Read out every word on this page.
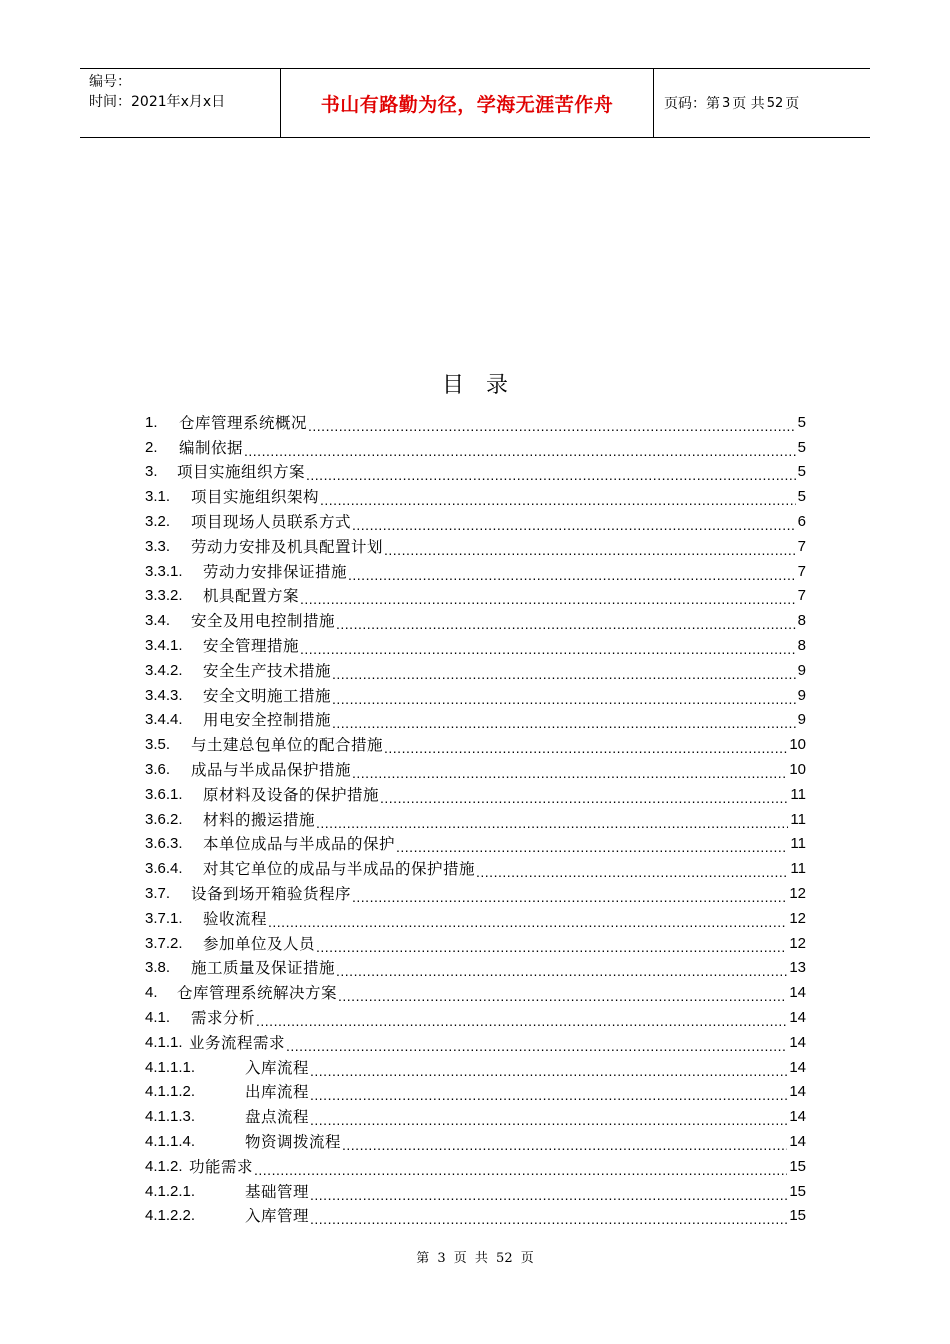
编号：
时间：2021年x月x日	书山有路勤为径，学海无涯苦作舟	页码：第 3 页 共 52 页
目录
1.	仓库管理系统概况 .....	5
2.	编制依据 .....	5
3.	项目实施组织方案 .....	5
3.1.	项目实施组织架构 .....	5
3.2.	项目现场人员联系方式 .....	6
3.3.	劳动力安排及机具配置计划 .....	7
3.3.1.	劳动力安排保证措施 .....	7
3.3.2.	机具配置方案 .....	7
3.4.	安全及用电控制措施 .....	8
3.4.1.	安全管理措施 .....	8
3.4.2.	安全生产技术措施 .....	9
3.4.3.	安全文明施工措施 .....	9
3.4.4.	用电安全控制措施 .....	9
3.5.	与土建总包单位的配合措施 .....	10
3.6.	成品与半成品保护措施 .....	10
3.6.1.	原材料及设备的保护措施 .....	11
3.6.2.	材料的搬运措施 .....	11
3.6.3.	本单位成品与半成品的保护 .....	11
3.6.4.	对其它单位的成品与半成品的保护措施 .....	11
3.7.	设备到场开箱验货程序 .....	12
3.7.1.	验收流程 .....	12
3.7.2.	参加单位及人员 .....	12
3.8.	施工质量及保证措施 .....	13
4.	仓库管理系统解决方案 .....	14
4.1.	需求分析 .....	14
4.1.1. 业务流程需求 .....	14
4.1.1.1.	入库流程 .....	14
4.1.1.2.	出库流程 .....	14
4.1.1.3.	盘点流程 .....	14
4.1.1.4.	物资调拨流程 .....	14
4.1.2. 功能需求 .....	15
4.1.2.1.	基础管理 .....	15
4.1.2.2.	入库管理 .....	15
第 3 页 共 52 页
